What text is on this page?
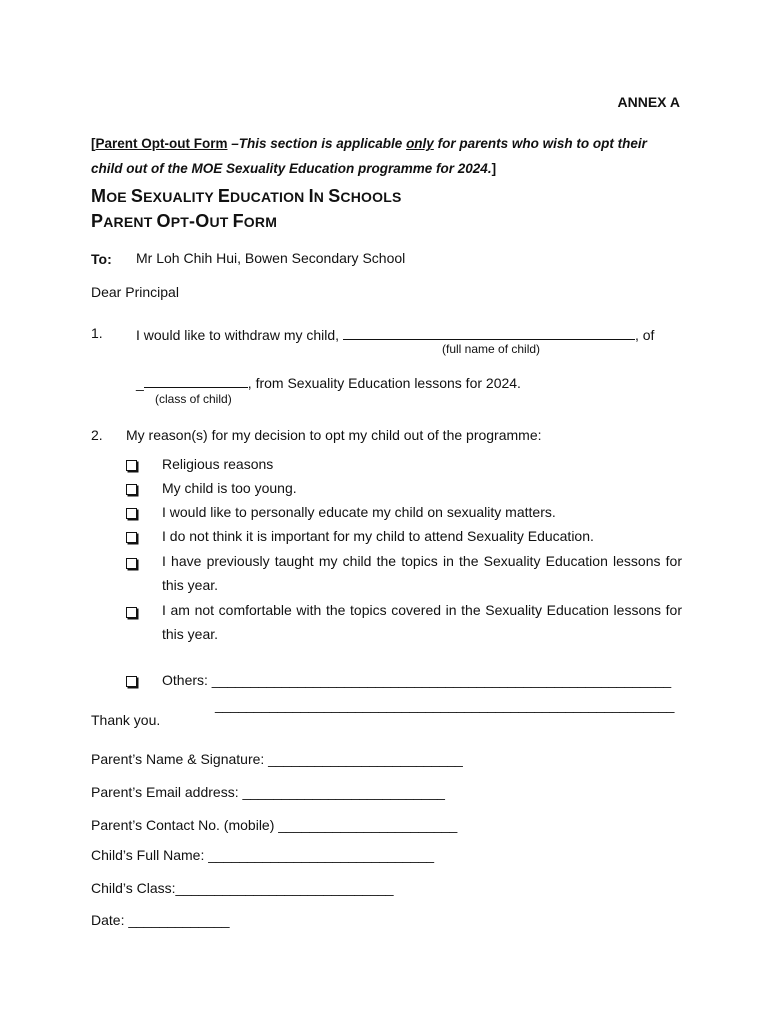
ANNEX A
[Parent Opt-out Form –This section is applicable only for parents who wish to opt their
child out of the MOE Sexuality Education programme for 2024.]
MOE SEXUALITY EDUCATION IN SCHOOLS
PARENT OPT-OUT FORM
To: Mr Loh Chih Hui, Bowen Secondary School
Dear Principal
1. I would like to withdraw my child,	, of
(full name of child)
_	, from Sexuality Education lessons for 2024.
(class of child)
2. My reason(s) for my decision to opt my child out of the programme:
Religious reasons
My child is too young.
I would like to personally educate my child on sexuality matters.
I do not think it is important for my child to attend Sexuality Education.
I have previously taught my child the topics in the Sexuality Education lessons for this year.
I am not comfortable with the topics covered in the Sexuality Education lessons for this year.
Others: ___________________________________________________________
___________________________________________________________
Thank you.
Parent’s Name & Signature: _________________________
Parent’s Email address: __________________________
Parent’s Contact No. (mobile) _______________________
Child’s Full Name: _____________________________
Child’s Class:____________________________
Date: _____________
